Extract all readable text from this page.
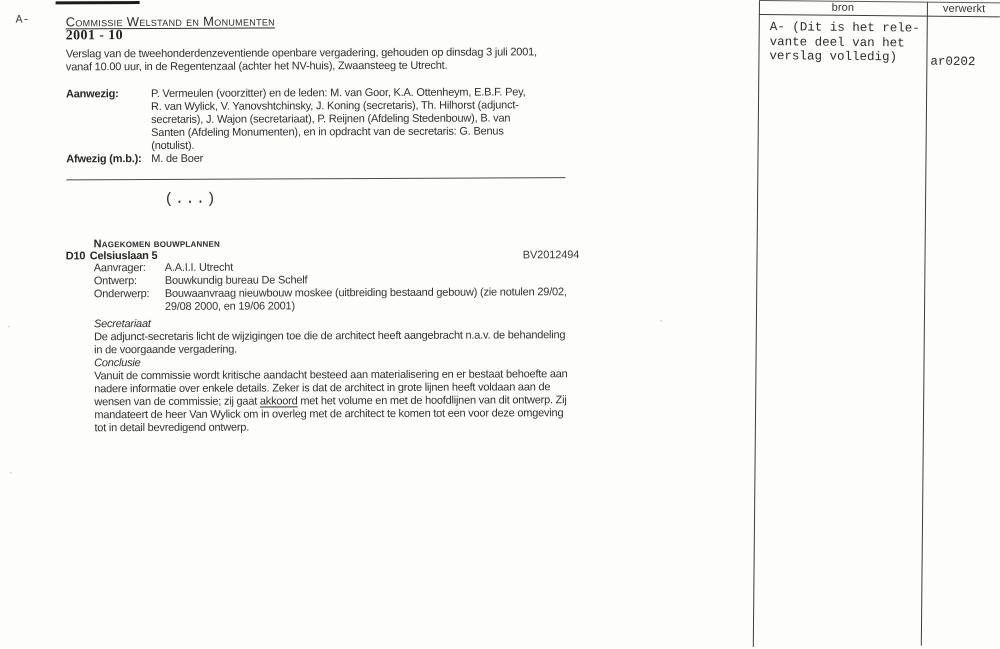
A-	Commissie Welstand en Monumenten
2001 - 10
Verslag van de tweehonderdenzeventiende openbare vergadering, gehouden op dinsdag 3 juli 2001,
vanaf 10.00 uur, in de Regentenzaal (achter het NV-huis), Zwaansteeg te Utrecht.
Aanwezig:	P. Vermeulen (voorzitter) en de leden: M. van Goor, K.A. Ottenheym, E.B.F. Pey,
R. van Wylick, V. Yanovshtchinsky, J. Koning (secretaris), Th. Hilhorst (adjunct-
secretaris), J. Wajon (secretariaat), P. Reijnen (Afdeling Stedenbouw), B. van
Santen (Afdeling Monumenten), en in opdracht van de secretaris: G. Benus
(notulist).
Afwezig (m.b.): M. de Boer
(...)
Nagekomen bouwplannen
D10 Celsiuslaan 5	BV2012494
Aanvrager:	A.A.I.I. Utrecht
Ontwerp:	Bouwkundig bureau De Schelf
Onderwerp:	Bouwaanvraag nieuwbouw moskee (uitbreiding bestaand gebouw) (zie notulen 29/02,
29/08 2000, en 19/06 2001)
Secretariaat
De adjunct-secretaris licht de wijzigingen toe die de architect heeft aangebracht n.a.v. de behandeling
in de voorgaande vergadering.
Conclusie
Vanuit de commissie wordt kritische aandacht besteed aan materialisering en er bestaat behoefte aan
nadere informatie over enkele details. Zeker is dat de architect in grote lijnen heeft voldaan aan de
wensen van de commissie; zij gaat akkoord met het volume en met de hoofdlijnen van dit ontwerp. Zij
mandateert de heer Van Wylick om in overleg met de architect te komen tot een voor deze omgeving
tot in detail bevredigend ontwerp.
bron	verwerkt
A- (Dit is het rele-
vante deel van het
verslag volledig)	ar0202
